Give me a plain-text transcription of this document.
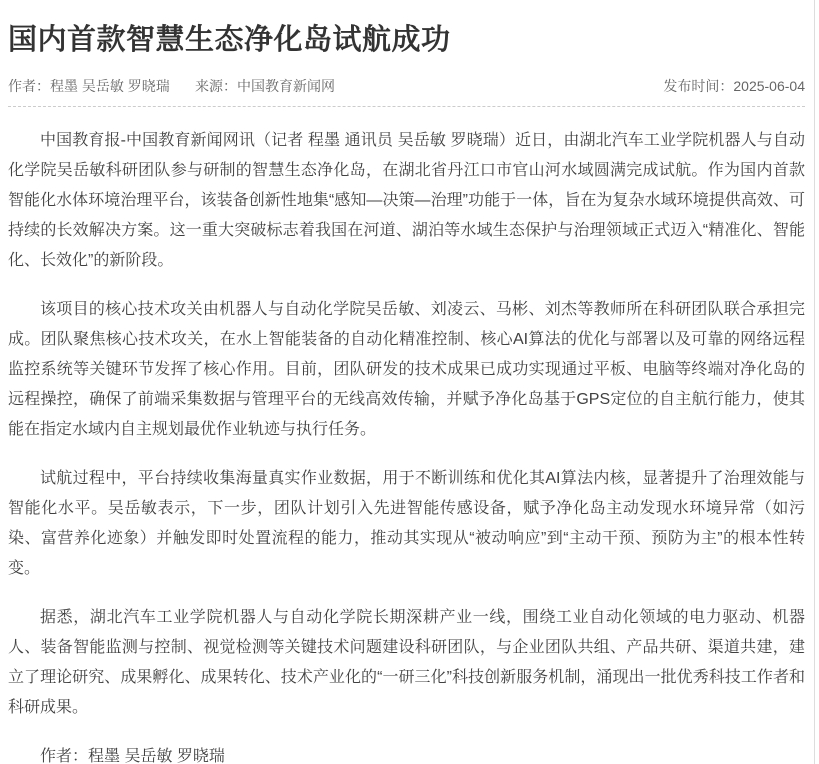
国内首款智慧生态净化岛试航成功
作者：程墨 吴岳敏 罗晓瑞 来源：中国教育新闻网	发布时间：2025-06-04

中国教育报-中国教育新闻网讯（记者 程墨 通讯员 吴岳敏 罗晓瑞）近日，由湖北汽车工业学院机器人与自动化学院吴岳敏科研团队参与研制的智慧生态净化岛，在湖北省丹江口市官山河水域圆满完成试航。作为国内首款智能化水体环境治理平台，该装备创新性地集“感知—决策—治理”功能于一体，旨在为复杂水域环境提供高效、可持续的长效解决方案。这一重大突破标志着我国在河道、湖泊等水域生态保护与治理领域正式迈入“精准化、智能化、长效化”的新阶段。

该项目的核心技术攻关由机器人与自动化学院吴岳敏、刘凌云、马彬、刘杰等教师所在科研团队联合承担完成。团队聚焦核心技术攻关，在水上智能装备的自动化精准控制、核心AI算法的优化与部署以及可靠的网络远程监控系统等关键环节发挥了核心作用。目前，团队研发的技术成果已成功实现通过平板、电脑等终端对净化岛的远程操控，确保了前端采集数据与管理平台的无线高效传输，并赋予净化岛基于GPS定位的自主航行能力，使其能在指定水域内自主规划最优作业轨迹与执行任务。

试航过程中，平台持续收集海量真实作业数据，用于不断训练和优化其AI算法内核，显著提升了治理效能与智能化水平。吴岳敏表示，下一步，团队计划引入先进智能传感设备，赋予净化岛主动发现水环境异常（如污染、富营养化迹象）并触发即时处置流程的能力，推动其实现从“被动响应”到“主动干预、预防为主”的根本性转变。

据悉，湖北汽车工业学院机器人与自动化学院长期深耕产业一线，围绕工业自动化领域的电力驱动、机器人、装备智能监测与控制、视觉检测等关键技术问题建设科研团队，与企业团队共组、产品共研、渠道共建，建立了理论研究、成果孵化、成果转化、技术产业化的“一研三化”科技创新服务机制，涌现出一批优秀科技工作者和科研成果。

作者：程墨 吴岳敏 罗晓瑞
